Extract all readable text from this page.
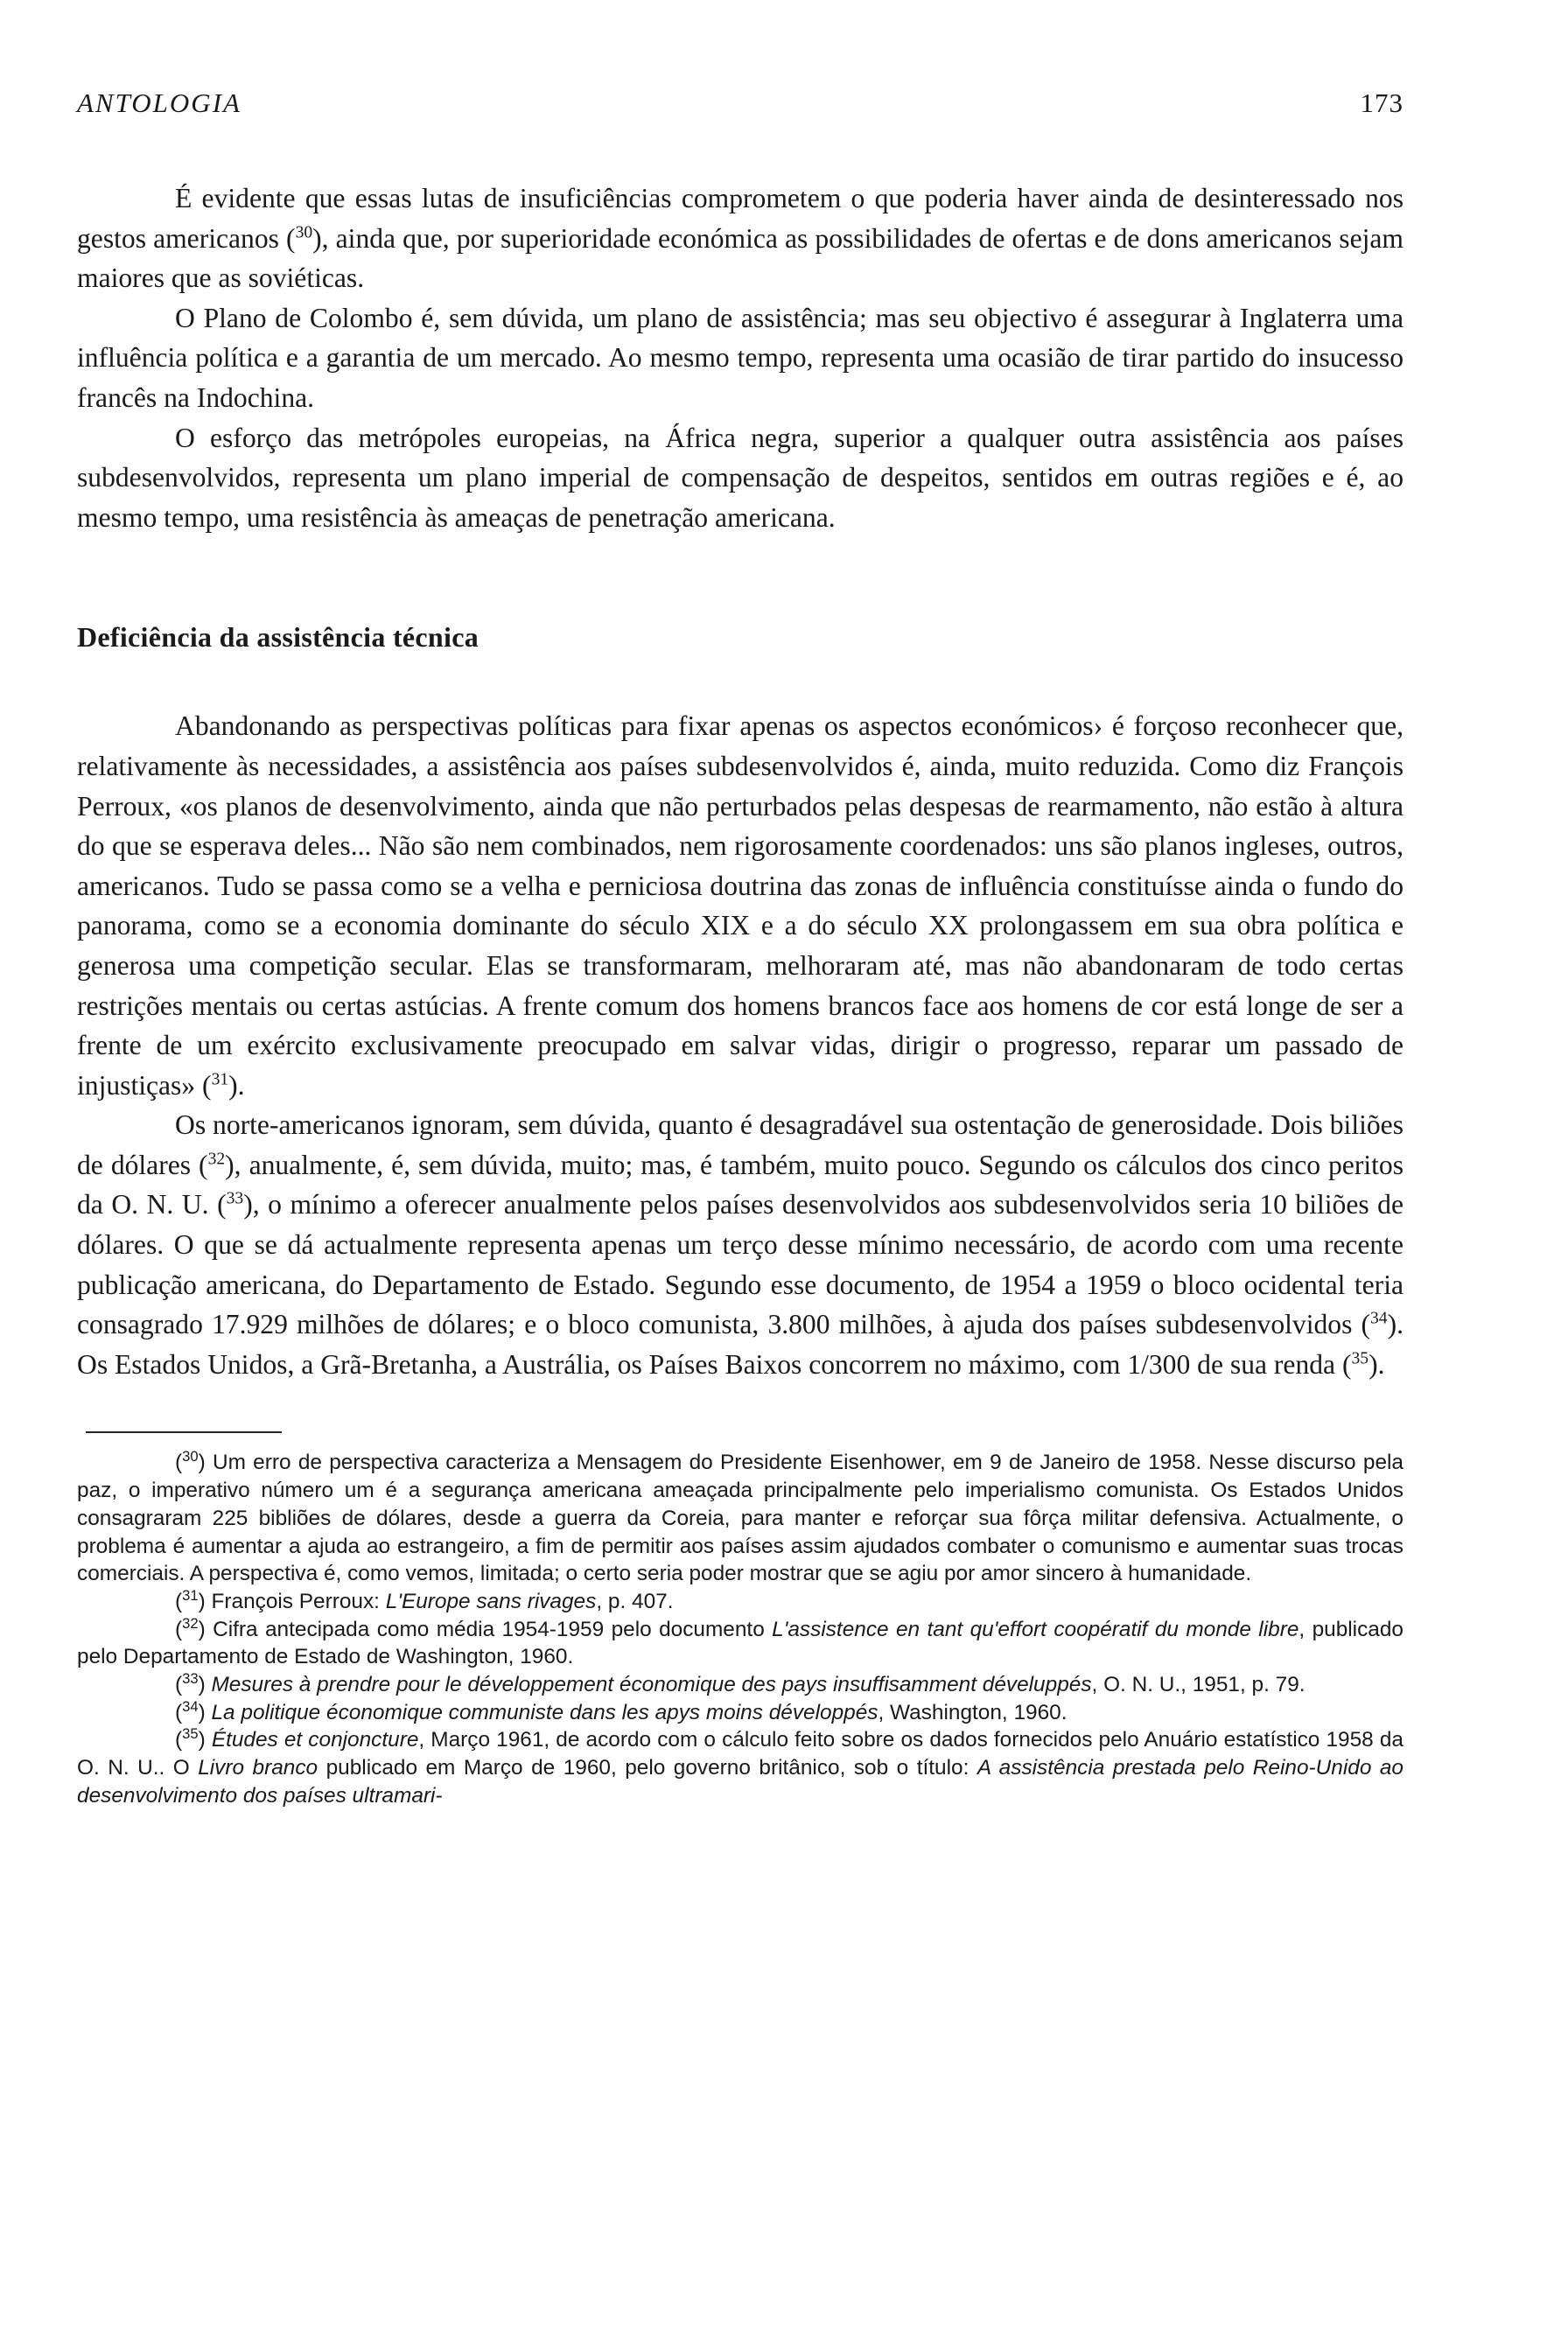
ANTOLOGIA	173

É evidente que essas lutas de insuficiências comprometem o que poderia haver ainda de desinteressado nos gestos americanos ($^{30}$), ainda que, por superioridade económica as possibilidades de ofertas e de dons americanos sejam maiores que as soviéticas.

O Plano de Colombo é, sem dúvida, um plano de assistência; mas seu objectivo é assegurar à Inglaterra uma influência política e a garantia de um mercado. Ao mesmo tempo, representa uma ocasião de tirar partido do insucesso francês na Indochina.

O esforço das metrópoles europeias, na África negra, superior a qualquer outra assistência aos países subdesenvolvidos, representa um plano imperial de compensação de despeitos, sentidos em outras regiões e é, ao mesmo tempo, uma resistência às ameaças de penetração americana.

Deficiência da assistência técnica

Abandonando as perspectivas políticas para fixar apenas os aspectos económicos› é forçoso reconhecer que, relativamente às necessidades, a assistência aos países subdesenvolvidos é, ainda, muito reduzida. Como diz François Perroux, «os planos de desenvolvimento, ainda que não perturbados pelas despesas de rearmamento, não estão à altura do que se esperava deles... Não são nem combinados, nem rigorosamente coordenados: uns são planos ingleses, outros, americanos. Tudo se passa como se a velha e perniciosa doutrina das zonas de influência constituísse ainda o fundo do panorama, como se a economia dominante do século XIX e a do século XX prolongassem em sua obra política e generosa uma competição secular. Elas se transformaram, melhoraram até, mas não abandonaram de todo certas restrições mentais ou certas astúcias. A frente comum dos homens brancos face aos homens de cor está longe de ser a frente de um exército exclusivamente preocupado em salvar vidas, dirigir o progresso, reparar um passado de injustiças» ($^{31}$).

Os norte-americanos ignoram, sem dúvida, quanto é desagradável sua ostentação de generosidade. Dois biliões de dólares ($^{32}$), anualmente, é, sem dúvida, muito; mas, é também, muito pouco. Segundo os cálculos dos cinco peritos da O. N. U. ($^{33}$), o mínimo a oferecer anualmente pelos países desenvolvidos aos subdesenvolvidos seria 10 biliões de dólares. O que se dá actualmente representa apenas um terço desse mínimo necessário, de acordo com uma recente publicação americana, do Departamento de Estado. Segundo esse documento, de 1954 a 1959 o bloco ocidental teria consagrado 17.929 milhões de dólares; e o bloco comunista, 3.800 milhões, à ajuda dos países subdesenvolvidos ($^{34}$). Os Estados Unidos, a Grã-Bretanha, a Austrália, os Países Baixos concorrem no máximo, com 1/300 de sua renda ($^{35}$).

($^{30}$) Um erro de perspectiva caracteriza a Mensagem do Presidente Eisenhower, em 9 de Janeiro de 1958. Nesse discurso pela paz, o imperativo número um é a segurança americana ameaçada principalmente pelo imperialismo comunista. Os Estados Unidos consagraram 225 bibliões de dólares, desde a guerra da Coreia, para manter e reforçar sua fôrça militar defensiva. Actualmente, o problema é aumentar a ajuda ao estrangeiro, a fim de permitir aos países assim ajudados combater o comunismo e aumentar suas trocas comerciais. A perspectiva é, como vemos, limitada; o certo seria poder mostrar que se agiu por amor sincero à humanidade.

($^{31}$) François Perroux: L'Europe sans rivages, p. 407.

($^{32}$) Cifra antecipada como média 1954-1959 pelo documento L'assistence en tant qu'effort coopératif du monde libre, publicado pelo Departamento de Estado de Washington, 1960.

($^{33}$) Mesures à prendre pour le développement économique des pays insuffisamment déveluppés, O. N. U., 1951, p. 79.

($^{34}$) La politique économique communiste dans les apys moins développés, Washington, 1960.

($^{35}$) Études et conjoncture, Março 1961, de acordo com o cálculo feito sobre os dados fornecidos pelo Anuário estatístico 1958 da O. N. U.. O Livro branco publicado em Março de 1960, pelo governo britânico, sob o título: A assistência prestada pelo Reino-Unido ao desenvolvimento dos países ultramari-
